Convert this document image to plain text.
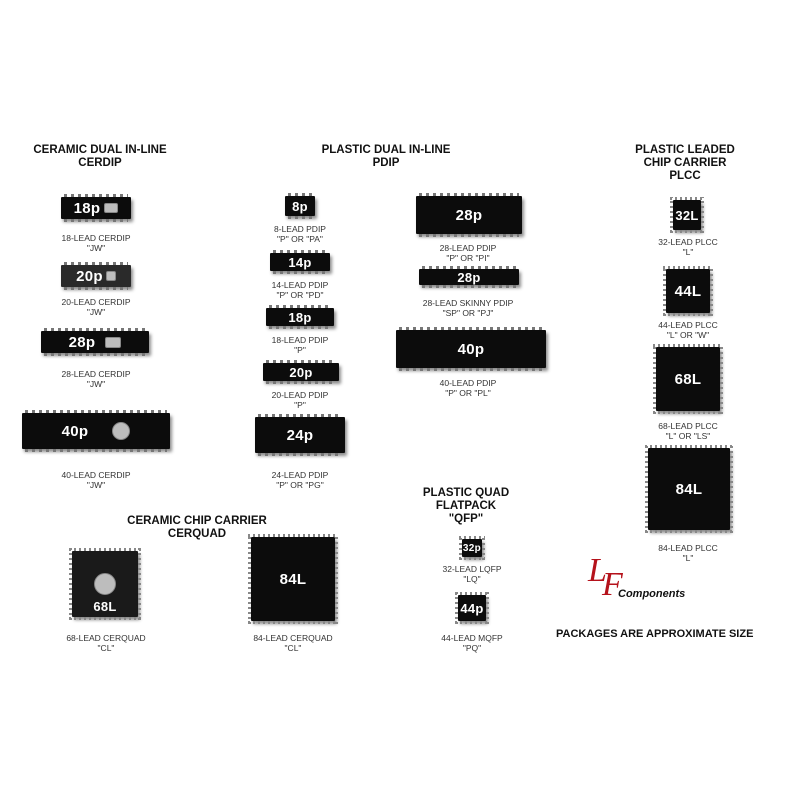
CERAMIC DUAL IN-LINE
CERDIP
PLASTIC DUAL IN-LINE
PDIP
PLASTIC LEADED
CHIP CARRIER
PLCC
CERAMIC CHIP CARRIER
CERQUAD
PLASTIC QUAD
FLATPACK
"QFP"
18p
18-LEAD CERDIP
"JW"
20p
20-LEAD CERDIP
"JW"
28p
28-LEAD CERDIP
"JW"
40p
40-LEAD CERDIP
"JW"
8p
8-LEAD PDIP
"P" OR "PA"
14p
14-LEAD PDIP
"P" OR "PD"
18p
18-LEAD PDIP
"P"
20p
20-LEAD PDIP
"P"
24p
24-LEAD PDIP
"P" OR "PG"
28p
28-LEAD PDIP
"P" OR "PI"
28p
28-LEAD SKINNY PDIP
"SP" OR "PJ"
40p
40-LEAD PDIP
"P" OR "PL"
32L
32-LEAD PLCC
"L"
44L
44-LEAD PLCC
"L" OR "W"
68L
68-LEAD PLCC
"L" OR "LS"
84L
84-LEAD PLCC
"L"
68L
68-LEAD CERQUAD
"CL"
84L
84-LEAD CERQUAD
"CL"
32p
32-LEAD LQFP
"LQ"
44p
44-LEAD MQFP
"PQ"
L
F
Components
PACKAGES ARE APPROXIMATE SIZE
